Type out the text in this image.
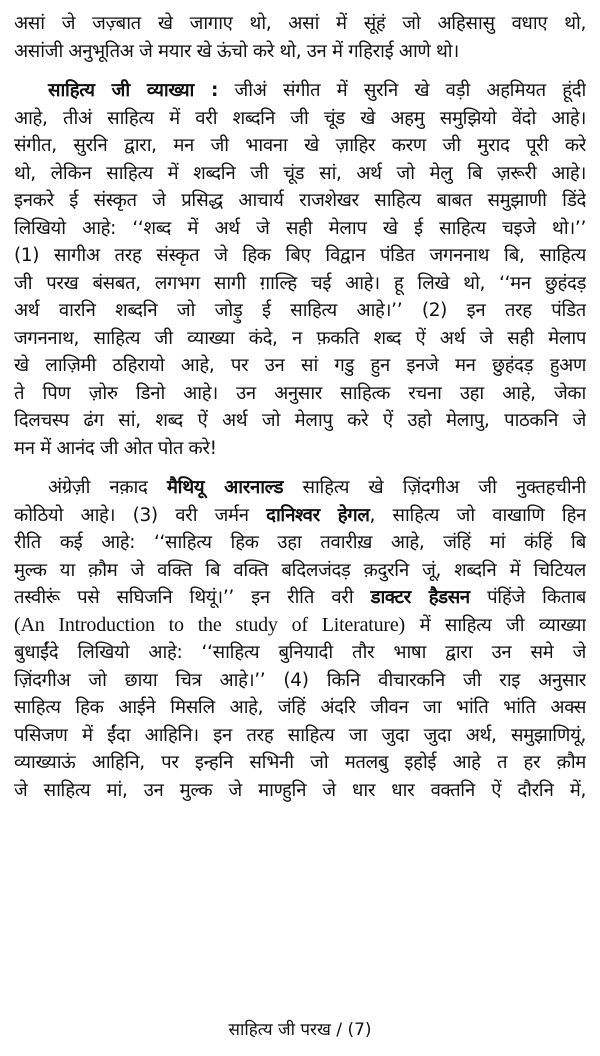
असां जे जज़्बात खे जागाए थो, असां में सूंहं जो अहिसासु वधाए थो,
असांजी अनुभूतिअ जे मयार खे ऊंचो करे थो, उन में गहिराई आणे थो।
साहित्य जी व्याख्या : जीअं संगीत में सुरनि खे वड़ी अहमियत हूंदी
आहे, तीअं साहित्य में वरी शब्दनि जी चूंड खे अहमु समुझियो वेंदो आहे।
संगीत, सुरनि द्वारा, मन जी भावना खे ज़ाहिर करण जी मुराद पूरी करे
थो, लेकिन साहित्य में शब्दनि जी चूंड सां, अर्थ जो मेलु बि ज़रूरी आहे।
इनकरे ई संस्कृत जे प्रसिद्ध आचार्य राजशेखर साहित्य बाबत समुझाणी डिंदे
लिखियो आहे: ‘‘शब्द में अर्थ जे सही मेलाप खे ई साहित्य चइजे थो।’’
(1) सागीअ तरह संस्कृत जे हिक बिए विद्वान पंडित जगननाथ बि, साहित्य
जी परख बंसबत, लगभग सागी ग़ाल्हि चई आहे। हू लिखे थो, ‘‘मन छुहंदड़
अर्थ वारनि शब्दनि जो जोड़ु ई साहित्य आहे।’’ (2) इन तरह पंडित
जगननाथ, साहित्य जी व्याख्या कंदे, न फ़कति शब्द ऐं अर्थ जे सही मेलाप
खे लाज़िमी ठहिरायो आहे, पर उन सां गडु हुन इनजे मन छुहंदड़ हुअण
ते पिण ज़ोरु डिनो आहे। उन अनुसार साहित्क रचना उहा आहे, जेका
दिलचस्प ढंग सां, शब्द ऐं अर्थ जो मेलापु करे ऐं उहो मेलापु, पाठकनि जे
मन में आनंद जी ओत पोत करे!
अंग्रेज़ी नक़ाद मैथियू आरनाल्ड साहित्य खे ज़िंदगीअ जी नुक्तहचीनी
कोठियो आहे। (3) वरी जर्मन दानिश्वर हेगल, साहित्य जो वाखाणि हिन
रीति कई आहे: ‘‘साहित्य हिक उहा तवारीख़ आहे, जंहिं मां कंहिं बि
मुल्क या क़ौम जे वक्ति बि वक्ति बदिलजंदड़ क़दुरनि जूं, शब्दनि में चिटियल
तस्वीरूं पसे सघिजनि थियूं।’’ इन रीति वरी डाक्टर हैडसन पंहिंजे किताब
(An Introduction to the study of Literature) में साहित्य जी व्याख्या
बुधाईंदे लिखियो आहे: ‘‘साहित्य बुनियादी तौर भाषा द्वारा उन समे जे
ज़िंदगीअ जो छाया चित्र आहे।’’ (4) किनि वीचारकनि जी राइ अनुसार
साहित्य हिक आईने मिसलि आहे, जंहिं अंदरि जीवन जा भांति भांति अक्स
पसिजण में ईंदा आहिनि। इन तरह साहित्य जा जुदा जुदा अर्थ, समुझाणियूं,
व्याख्याऊं आहिनि, पर इन्हनि सभिनी जो मतलबु इहोई आहे त हर क़ौम
जे साहित्य मां, उन मुल्क जे माण्हुनि जे धार धार वक्तनि ऐं दौरनि में,
साहित्य जी परख / (7)
